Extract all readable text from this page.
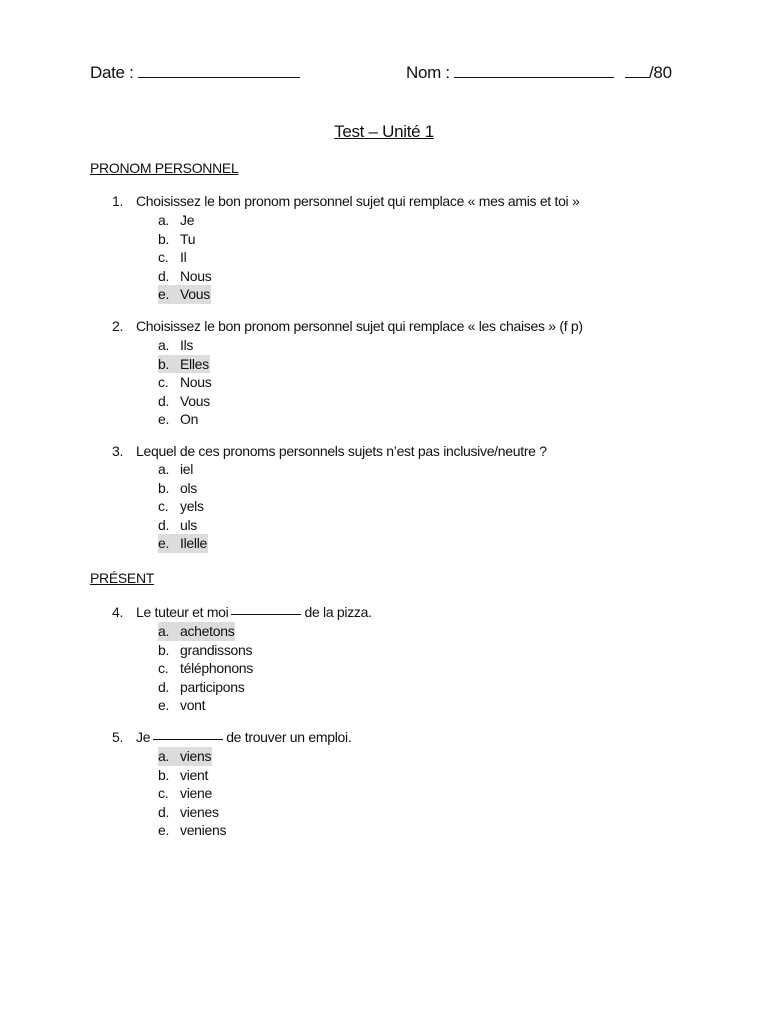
Date :	Nom :	/80
Test – Unité 1
PRONOM PERSONNEL
1. Choisissez le bon pronom personnel sujet qui remplace « mes amis et toi »
a. Je
b. Tu
c. Il
d. Nous
e. Vous
2. Choisissez le bon pronom personnel sujet qui remplace « les chaises » (f p)
a. Ils
b. Elles
c. Nous
d. Vous
e. On
3. Lequel de ces pronoms personnels sujets n’est pas inclusive/neutre ?
a. iel
b. ols
c. yels
d. uls
e. Ilelle
PRÉSENT
4. Le tuteur et moi	de la pizza.
a. achetons
b. grandissons
c. téléphonons
d. participons
e. vont
5. Je	de trouver un emploi.
a. viens
b. vient
c. viene
d. vienes
e. veniens
